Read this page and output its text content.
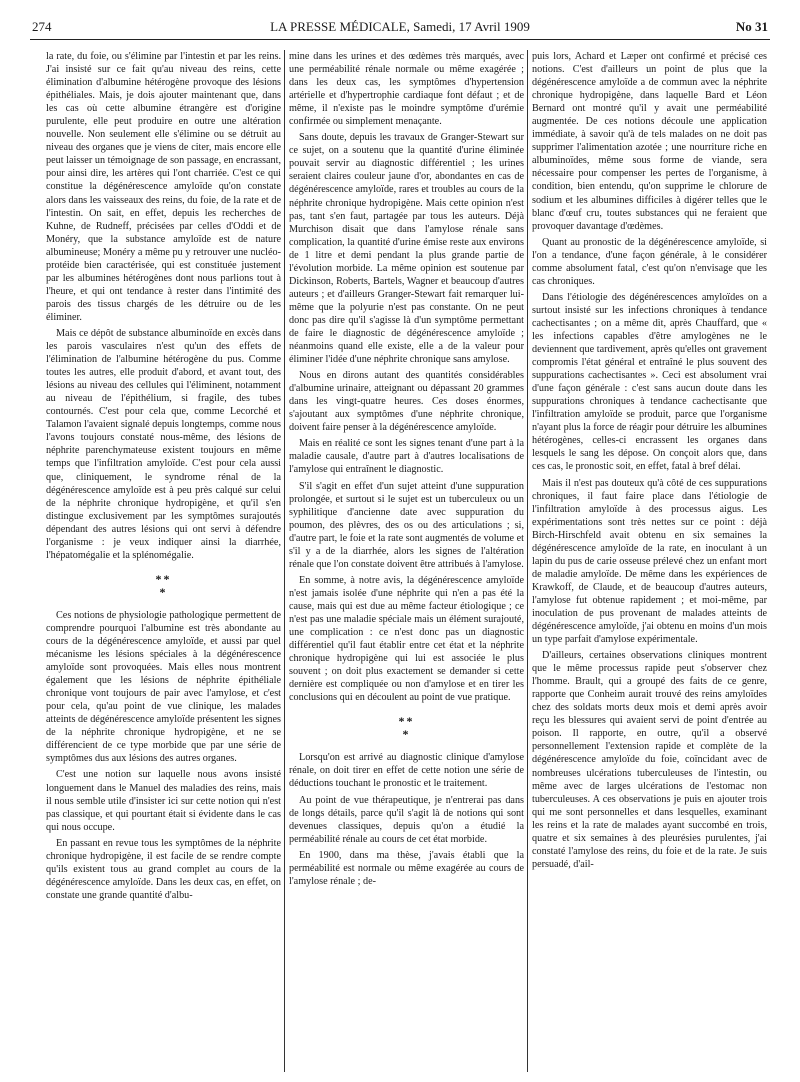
274	LA PRESSE MÉDICALE, Samedi, 17 Avril 1909	No 31

la rate, du foie, ou s'élimine par l'intestin et par les reins. J'ai insisté sur ce fait qu'au niveau des reins, cette élimination d'albumine hétérogène provoque des lésions épithéliales. Mais, je dois ajouter maintenant que, dans les cas où cette albumine étrangère est d'origine purulente, elle peut produire en outre une altération nouvelle. Non seulement elle s'élimine ou se détruit au niveau des organes que je viens de citer, mais encore elle peut laisser un témoignage de son passage, en encrassant, pour ainsi dire, les artères qui l'ont charriée. C'est ce qui constitue la dégénérescence amyloïde qu'on constate alors dans les vaisseaux des reins, du foie, de la rate et de l'intestin. On sait, en effet, depuis les recherches de Kuhne, de Rudneff, précisées par celles d'Oddi et de Monéry, que la substance amyloïde est de nature albumineuse; Monéry a même pu y retrouver une nucléo-protéide bien caractérisée, qui est constituée justement par les albumines hétérogènes dont nous parlions tout à l'heure, et qui ont tendance à rester dans l'intimité des parois des tissus chargés de les détruire ou de les éliminer.

Mais ce dépôt de substance albuminoïde en excès dans les parois vasculaires n'est qu'un des effets de l'élimination de l'albumine hétérogène du pus. Comme toutes les autres, elle produit d'abord, et avant tout, des lésions au niveau des cellules qui l'éliminent, notamment au niveau de l'épithélium, si fragile, des tubes contournés. C'est pour cela que, comme Lecorché et Talamon l'avaient signalé depuis longtemps, comme nous l'avons toujours constaté nous-même, des lésions de néphrite parenchymateuse existent toujours en même temps que l'infiltration amyloïde. C'est pour cela aussi que, cliniquement, le syndrome rénal de la dégénérescence amyloïde est à peu près calqué sur celui de la néphrite chronique hydropigène, et qu'il s'en distingue exclusivement par les symptômes surajoutés dépendant des autres lésions qui ont servi à défendre l'organisme : je veux indiquer ainsi la diarrhée, l'hépatomégalie et la splénomégalie.

**
*

Ces notions de physiologie pathologique permettent de comprendre pourquoi l'albumine est très abondante au cours de la dégénérescence amyloïde, et aussi par quel mécanisme les lésions spéciales à la dégénérescence amyloïde sont provoquées. Mais elles nous montrent également que les lésions de néphrite épithéliale chronique vont toujours de pair avec l'amylose, et c'est pour cela, qu'au point de vue clinique, les malades atteints de dégénérescence amyloïde présentent les signes de la néphrite chronique hydropigène, et ne se différencient de ce type morbide que par une série de symptômes dus aux lésions des autres organes.

C'est une notion sur laquelle nous avons insisté longuement dans le Manuel des maladies des reins, mais il nous semble utile d'insister ici sur cette notion qui n'est pas classique, et qui pourtant était si évidente dans le cas qui nous occupe.

En passant en revue tous les symptômes de la néphrite chronique hydropigène, il est facile de se rendre compte qu'ils existent tous au grand complet au cours de la dégénérescence amyloïde. Dans les deux cas, en effet, on constate une grande quantité d'albu-

mine dans les urines et des œdèmes très marqués, avec une perméabilité rénale normale ou même exagérée ; dans les deux cas, les symptômes d'hypertension artérielle et d'hypertrophie cardiaque font défaut ; et de même, il n'existe pas le moindre symptôme d'urémie confirmée ou simplement menaçante.

Sans doute, depuis les travaux de Granger-Stewart sur ce sujet, on a soutenu que la quantité d'urine éliminée pouvait servir au diagnostic différentiel ; les urines seraient claires couleur jaune d'or, abondantes en cas de dégénérescence amyloïde, rares et troubles au cours de la néphrite chronique hydropigène. Mais cette opinion n'est pas, tant s'en faut, partagée par tous les auteurs. Déjà Murchison disait que dans l'amylose rénale sans complication, la quantité d'urine émise reste aux environs de 1 litre et demi pendant la plus grande partie de l'évolution morbide. La même opinion est soutenue par Dickinson, Roberts, Bartels, Wagner et beaucoup d'autres auteurs ; et d'ailleurs Granger-Stewart fait remarquer lui-même que la polyurie n'est pas constante. On ne peut donc pas dire qu'il s'agisse là d'un symptôme permettant de faire le diagnostic de dégénérescence amyloïde ; néanmoins quand elle existe, elle a de la valeur pour éliminer l'idée d'une néphrite chronique sans amylose.

Nous en dirons autant des quantités considérables d'albumine urinaire, atteignant ou dépassant 20 grammes dans les vingt-quatre heures. Ces doses énormes, s'ajoutant aux symptômes d'une néphrite chronique, doivent faire penser à la dégénérescence amyloïde.

Mais en réalité ce sont les signes tenant d'une part à la maladie causale, d'autre part à d'autres localisations de l'amylose qui entraînent le diagnostic.

S'il s'agit en effet d'un sujet atteint d'une suppuration prolongée, et surtout si le sujet est un tuberculeux ou un syphilitique d'ancienne date avec suppuration du poumon, des plèvres, des os ou des articulations ; si, d'autre part, le foie et la rate sont augmentés de volume et s'il y a de la diarrhée, alors les signes de l'altération rénale que l'on constate doivent être attribués à l'amylose.

En somme, à notre avis, la dégénérescence amyloïde n'est jamais isolée d'une néphrite qui n'en a pas été la cause, mais qui est due au même facteur étiologique ; ce n'est pas une maladie spéciale mais un élément surajouté, une complication : ce n'est donc pas un diagnostic différentiel qu'il faut établir entre cet état et la néphrite chronique hydropigène qui lui est associée le plus souvent ; on doit plus exactement se demander si cette dernière est compliquée ou non d'amylose et en tirer les conclusions qui en découlent au point de vue pratique.

**
*

Lorsqu'on est arrivé au diagnostic clinique d'amylose rénale, on doit tirer en effet de cette notion une série de déductions touchant le pronostic et le traitement.

Au point de vue thérapeutique, je n'entrerai pas dans de longs détails, parce qu'il s'agit là de notions qui sont devenues classiques, depuis qu'on a étudié la perméabilité rénale au cours de cet état morbide.

En 1900, dans ma thèse, j'avais établi que la perméabilité est normale ou même exagérée au cours de l'amylose rénale ; de-

puis lors, Achard et Læper ont confirmé et précisé ces notions. C'est d'ailleurs un point de plus que la dégénérescence amyloïde a de commun avec la néphrite chronique hydropigène, dans laquelle Bard et Léon Bernard ont montré qu'il y avait une perméabilité augmentée. De ces notions découle une application immédiate, à savoir qu'à de tels malades on ne doit pas supprimer l'alimentation azotée ; une nourriture riche en albuminoïdes, même sous forme de viande, sera nécessaire pour compenser les pertes de l'organisme, à condition, bien entendu, qu'on supprime le chlorure de sodium et les albumines difficiles à digérer telles que le blanc d'œuf cru, toutes substances qui ne feraient que provoquer davantage d'œdèmes.

Quant au pronostic de la dégénérescence amyloïde, si l'on a tendance, d'une façon générale, à le considérer comme absolument fatal, c'est qu'on n'envisage que les cas chroniques.

Dans l'étiologie des dégénérescences amyloïdes on a surtout insisté sur les infections chroniques à tendance cachectisantes ; on a même dit, après Chauffard, que « les infections capables d'être amylogènes ne le deviennent que tardivement, après qu'elles ont gravement compromis l'état général et entraîné le plus souvent des suppurations cachectisantes ». Ceci est absolument vrai d'une façon générale : c'est sans aucun doute dans les suppurations chroniques à tendance cachectisante que l'infiltration amyloïde se produit, parce que l'organisme n'ayant plus la force de réagir pour détruire les albumines hétérogènes, celles-ci encrassent les organes dans lesquels le sang les dépose. On conçoit alors que, dans ces cas, le pronostic soit, en effet, fatal à bref délai.

Mais il n'est pas douteux qu'à côté de ces suppurations chroniques, il faut faire place dans l'étiologie de l'infiltration amyloïde à des processus aigus. Les expérimentations sont très nettes sur ce point : déjà Birch-Hirschfeld avait obtenu en six semaines la dégénérescence amyloïde de la rate, en inoculant à un lapin du pus de carie osseuse prélevé chez un enfant mort de maladie amyloïde. De même dans les expériences de Krawkoff, de Claude, et de beaucoup d'autres auteurs, l'amylose fut obtenue rapidement ; et moi-même, par inoculation de pus provenant de malades atteints de dégénérescence amyloïde, j'ai obtenu en moins d'un mois un type parfait d'amylose expérimentale.

D'ailleurs, certaines observations cliniques montrent que le même processus rapide peut s'observer chez l'homme. Brault, qui a groupé des faits de ce genre, rapporte que Conheim aurait trouvé des reins amyloïdes chez des soldats morts deux mois et demi après avoir reçu les blessures qui avaient servi de point d'entrée au poison. Il rapporte, en outre, qu'il a observé personnellement l'extension rapide et complète de la dégénérescence amyloïde du foie, coïncidant avec de nombreuses ulcérations tuberculeuses de l'intestin, ou même avec de larges ulcérations de l'estomac non tuberculeuses. A ces observations je puis en ajouter trois qui me sont personnelles et dans lesquelles, examinant les reins et la rate de malades ayant succombé en trois, quatre et six semaines à des pleurésies purulentes, j'ai constaté l'amylose des reins, du foie et de la rate. Je suis persuadé, d'ail-
